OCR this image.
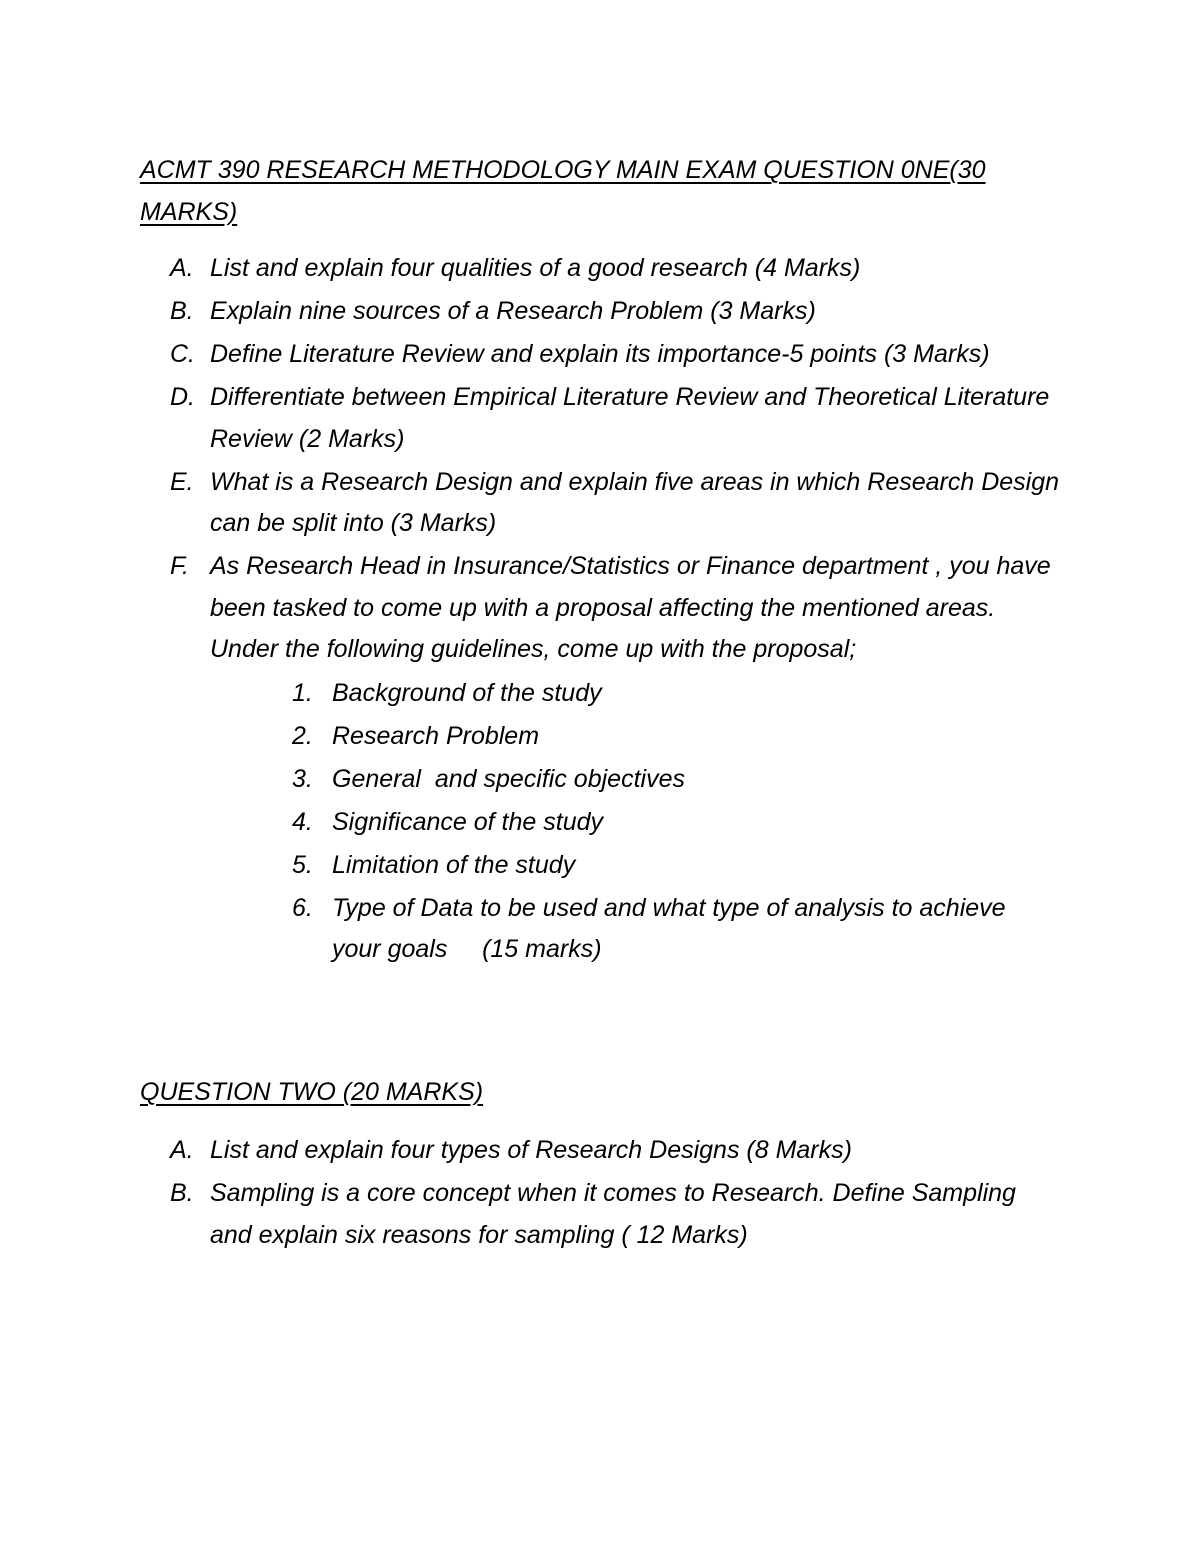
ACMT 390 RESEARCH METHODOLOGY MAIN EXAM QUESTION 0NE(30 MARKS)
A. List and explain four qualities of a good research (4 Marks)
B. Explain nine sources of a Research Problem (3 Marks)
C. Define Literature Review and explain its importance-5 points (3 Marks)
D. Differentiate between Empirical Literature Review and Theoretical Literature Review (2 Marks)
E. What is a Research Design and explain five areas in which Research Design can be split into (3 Marks)
F. As Research Head in Insurance/Statistics or Finance department , you have been tasked to come up with a proposal affecting the mentioned areas. Under the following guidelines, come up with the proposal;
1. Background of the study
2. Research Problem
3. General  and specific objectives
4. Significance of the study
5. Limitation of the study
6. Type of Data to be used and what type of analysis to achieve your goals     (15 marks)
QUESTION TWO (20 MARKS)
A. List and explain four types of Research Designs (8 Marks)
B. Sampling is a core concept when it comes to Research. Define Sampling and explain six reasons for sampling ( 12 Marks)
